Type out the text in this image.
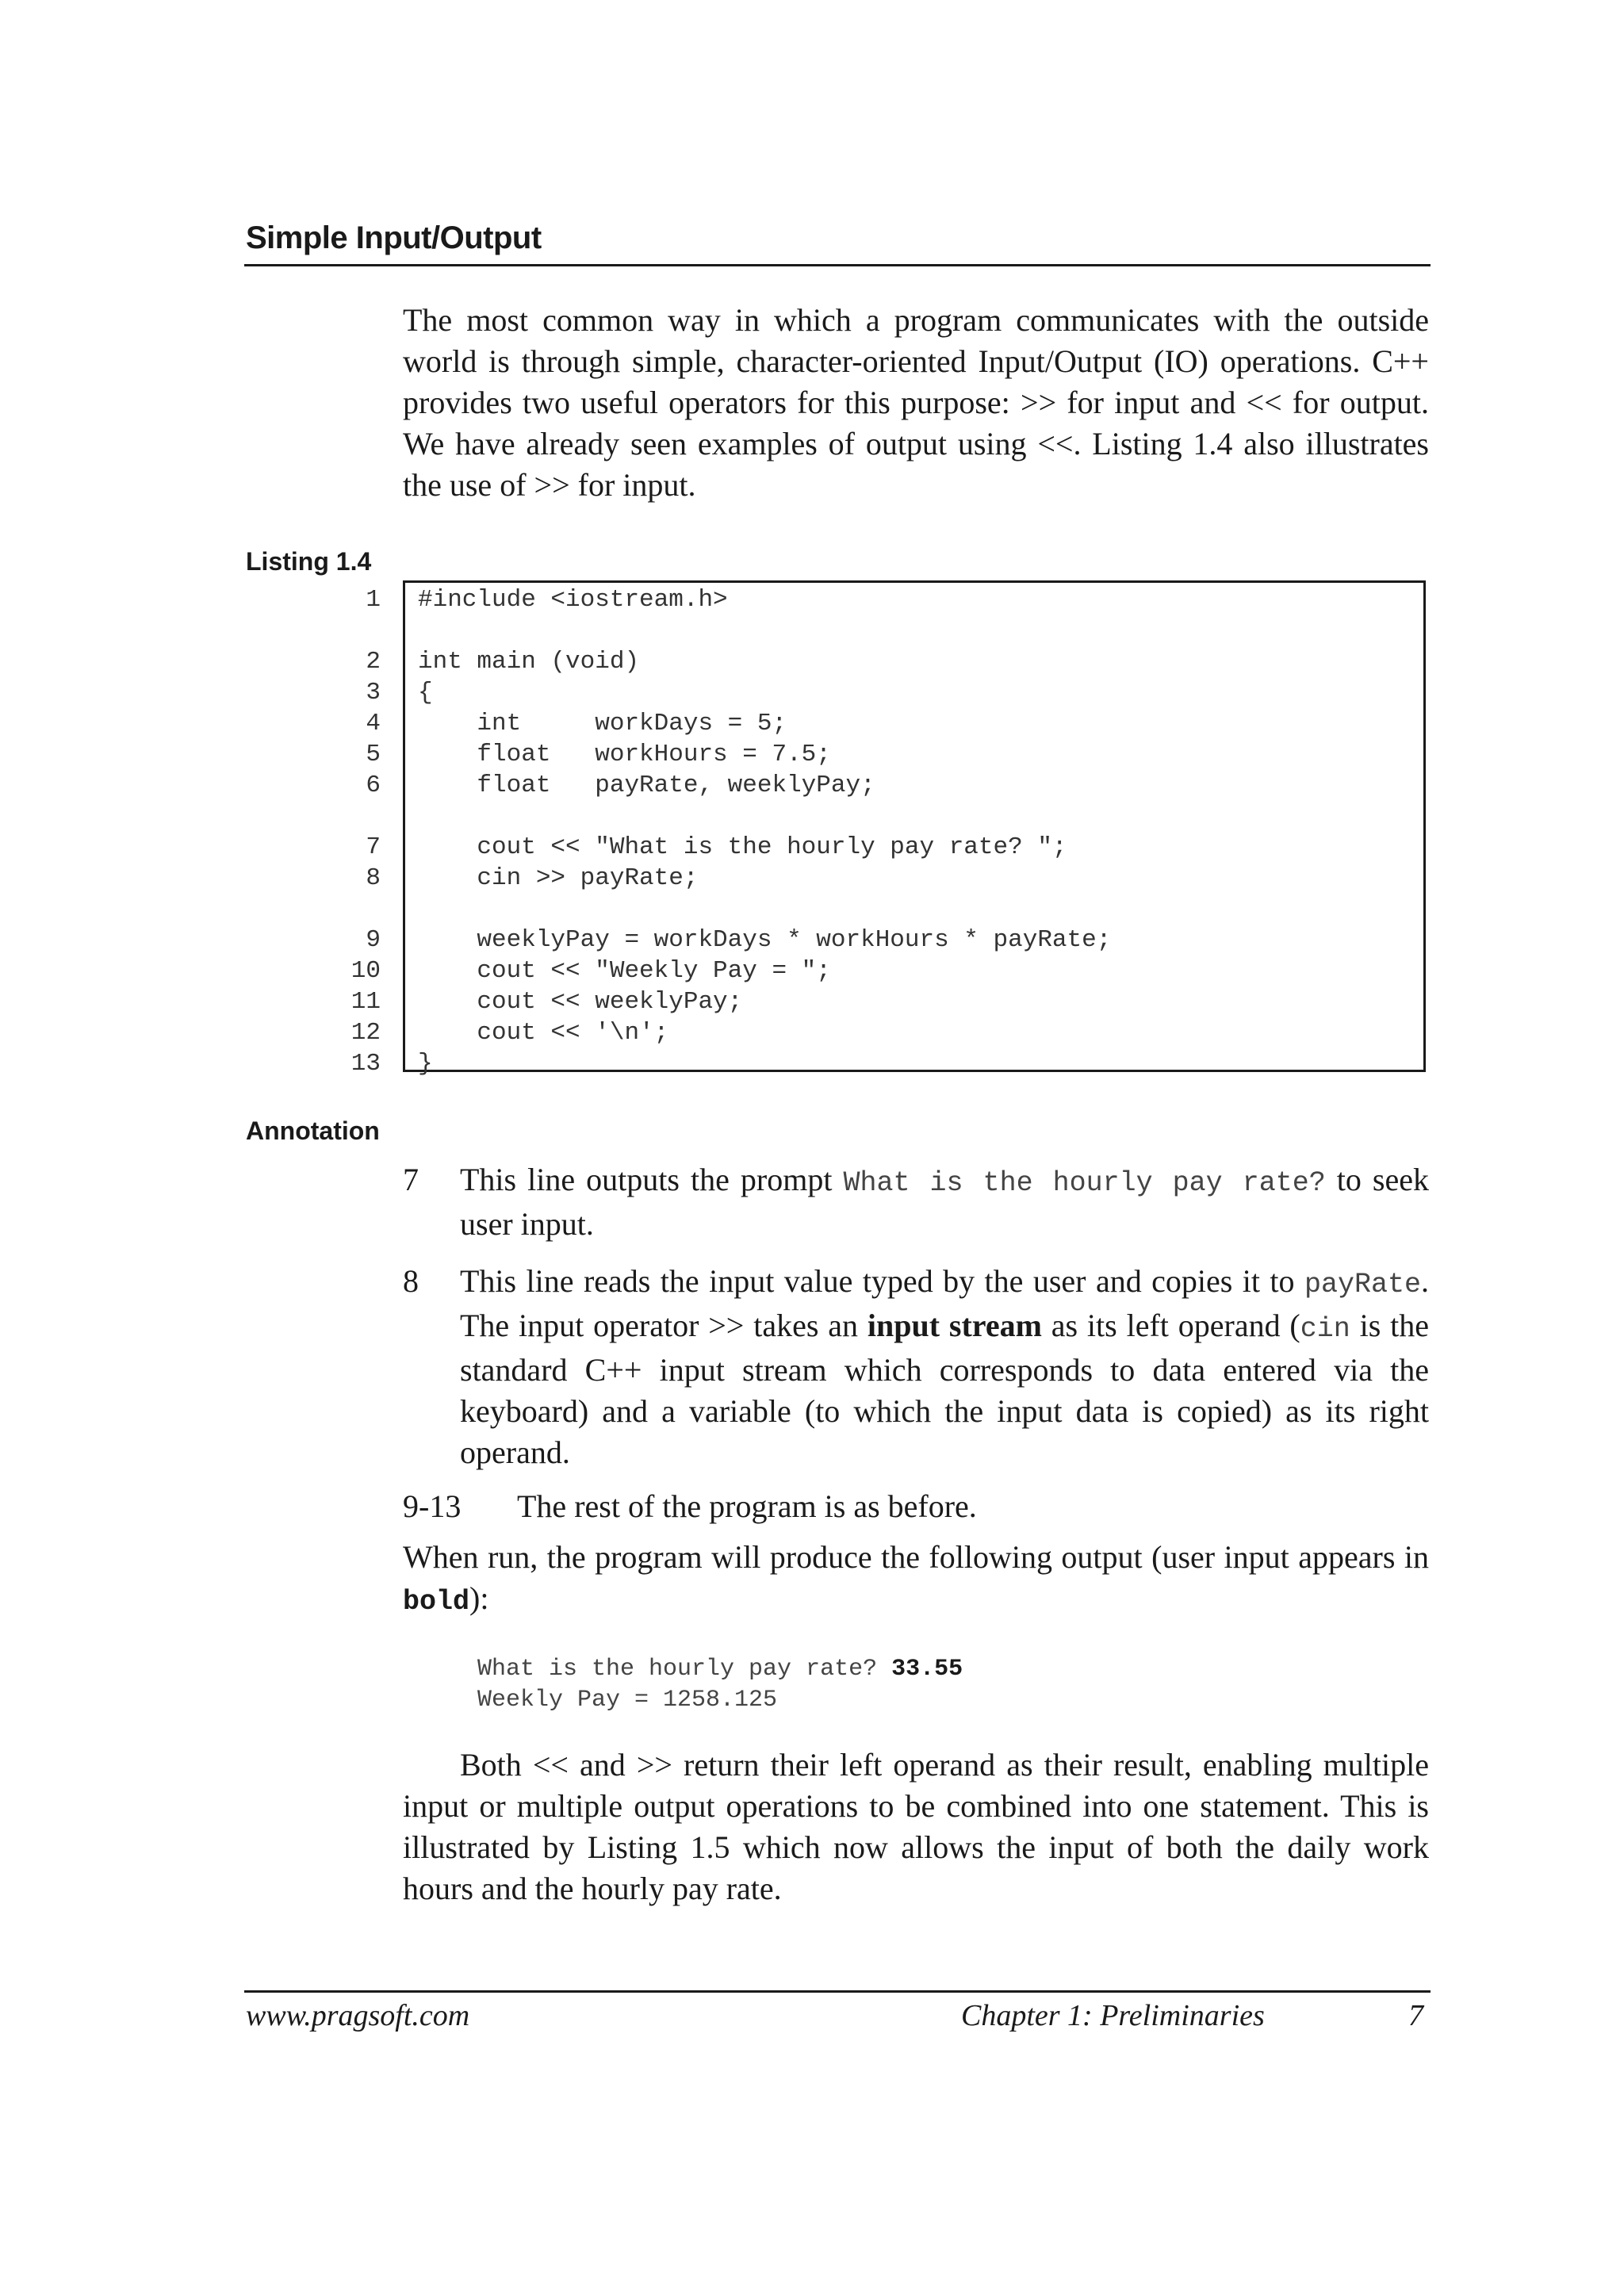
Simple Input/Output

The most common way in which a program communicates with the outside world is through simple, character-oriented Input/Output (IO) operations. C++ provides two useful operators for this purpose: >> for input and << for output. We have already seen examples of output using <<. Listing 1.4 also illustrates the use of >> for input.

Listing 1.4
1 #include <iostream.h>
2 int main (void)
3 {
4 int     workDays = 5;
5 float   workHours = 7.5;
6 float   payRate, weeklyPay;
7 cout << "What is the hourly pay rate? ";
8 cin >> payRate;
9 weeklyPay = workDays * workHours * payRate;
10 cout << "Weekly Pay = ";
11 cout << weeklyPay;
12 cout << '\n';
13 }
Annotation
7 This line outputs the prompt What is the hourly pay rate? to seek user input.

8 This line reads the input value typed by the user and copies it to payRate. The input operator >> takes an input stream as its left operand (cin is the standard C++ input stream which corresponds to data entered via the keyboard) and a variable (to which the input data is copied) as its right operand.

9-13 The rest of the program is as before.

When run, the program will produce the following output (user input appears in bold):

What is the hourly pay rate? 33.55
Weekly Pay = 1258.125

Both << and >> return their left operand as their result, enabling multiple input or multiple output operations to be combined into one statement. This is illustrated by Listing 1.5 which now allows the input of both the daily work hours and the hourly pay rate.

www.pragsoft.com	Chapter 1: Preliminaries	7
